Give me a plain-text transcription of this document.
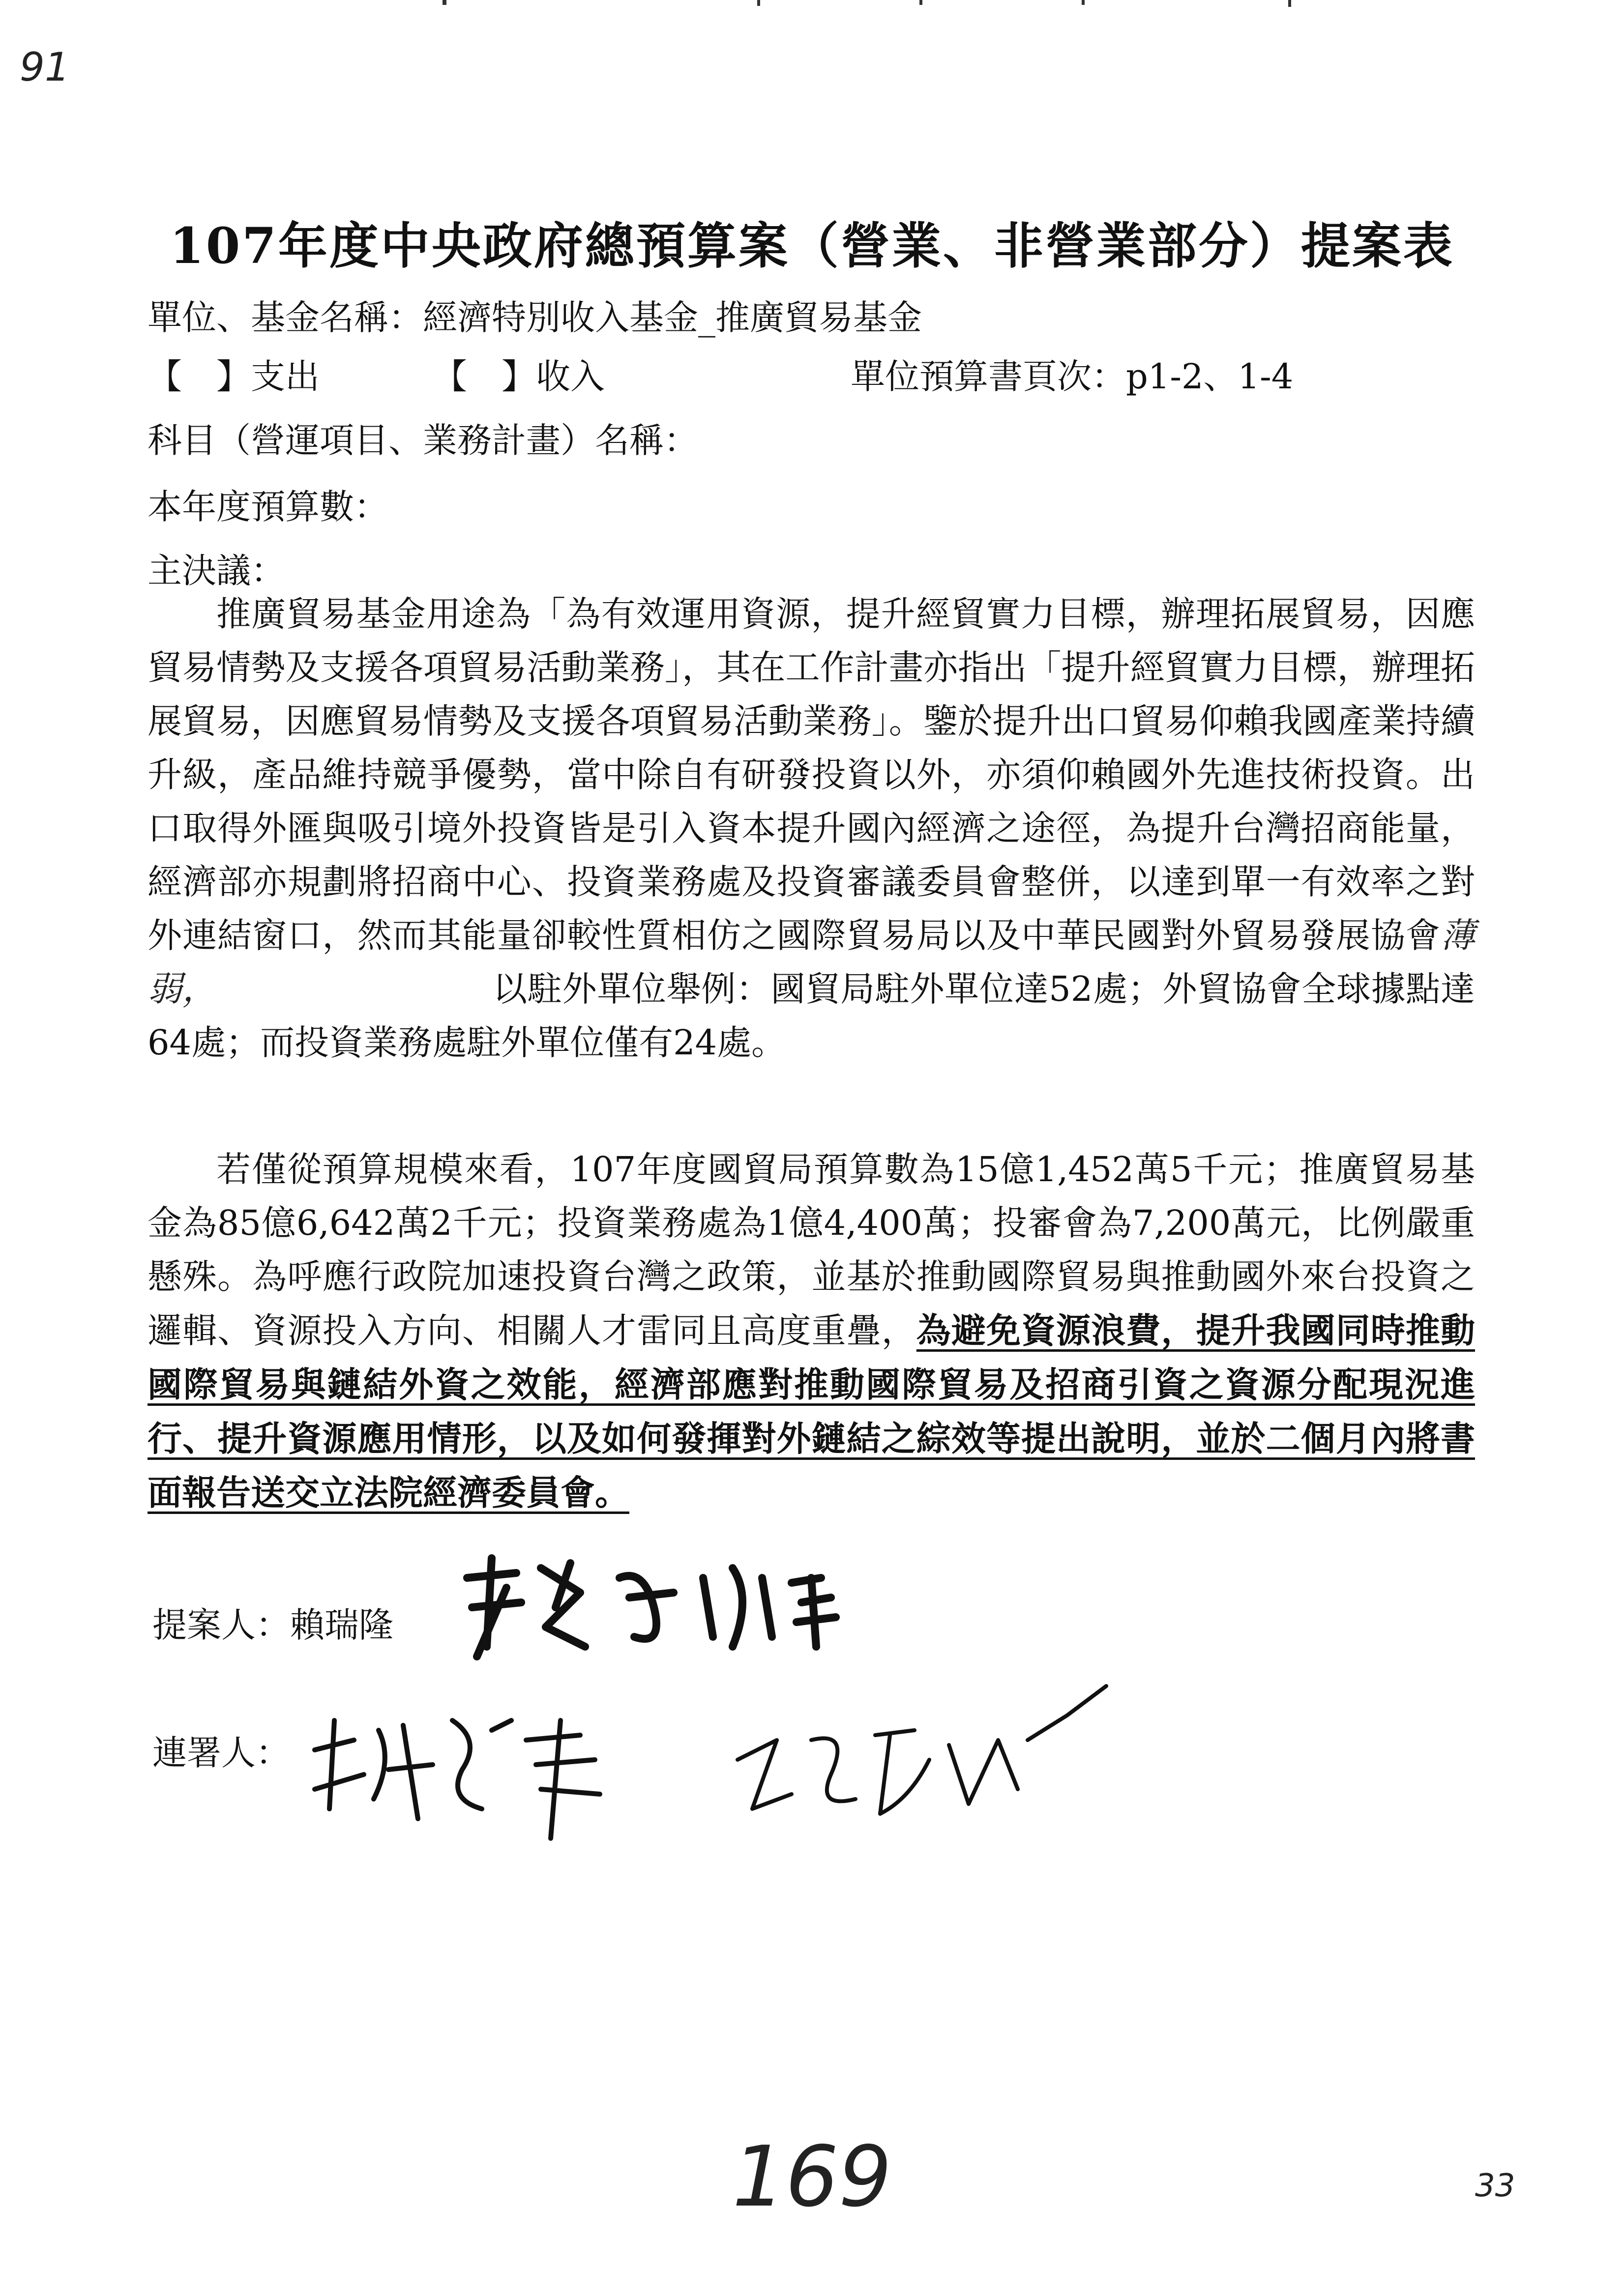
91
107年度中央政府總預算案（營業、非營業部分）提案表
單位、基金名稱：經濟特別收入基金_推廣貿易基金
【　】支出	【　】收入	單位預算書頁次：p1-2、1-4
科目（營運項目、業務計畫）名稱：
本年度預算數：
主決議：
推廣貿易基金用途為「為有效運用資源，提升經貿實力目標，辦理拓展貿易，因應貿易情勢及支援各項貿易活動業務」，其在工作計畫亦指出「提升經貿實力目標，辦理拓展貿易，因應貿易情勢及支援各項貿易活動業務」。鑒於提升出口貿易仰賴我國產業持續升級，產品維持競爭優勢，當中除自有研發投資以外，亦須仰賴國外先進技術投資。出口取得外匯與吸引境外投資皆是引入資本提升國內經濟之途徑，為提升台灣招商能量，經濟部亦規劃將招商中心、投資業務處及投資審議委員會整併，以達到單一有效率之對外連結窗口，然而其能量卻較性質相仿之國際貿易局以及中華民國對外貿易發展協會薄弱，	以駐外單位舉例：國貿局駐外單位達52處；外貿協會全球據點達64處；而投資業務處駐外單位僅有24處。
若僅從預算規模來看，107年度國貿局預算數為15億1,452萬5千元；推廣貿易基金為85億6,642萬2千元；投資業務處為1億4,400萬；投審會為7,200萬元，比例嚴重懸殊。為呼應行政院加速投資台灣之政策，並基於推動國際貿易與推動國外來台投資之邏輯、資源投入方向、相關人才雷同且高度重疊，為避免資源浪費，提升我國同時推動國際貿易與鏈結外資之效能，經濟部應對推動國際貿易及招商引資之資源分配現況進行、提升資源應用情形，以及如何發揮對外鏈結之綜效等提出說明，並於二個月內將書面報告送交立法院經濟委員會。
提案人：賴瑞隆
連署人：
169	33
